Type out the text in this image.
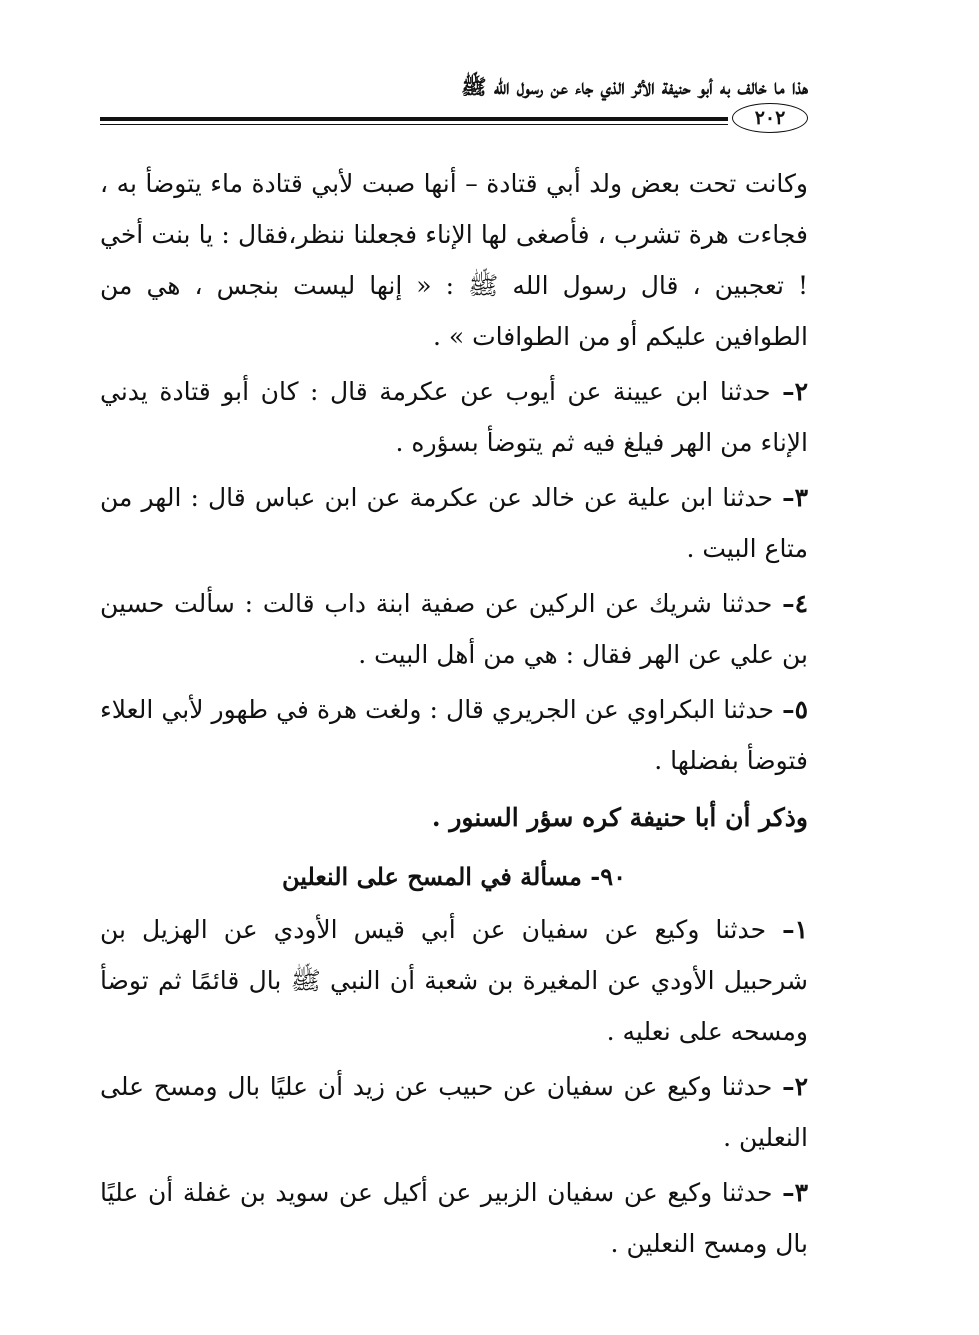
هذا ما خالف به أبو حنيفة الأثر الذي جاء عن رسول الله ﷺ
٢٠٢

وكانت تحت بعض ولد أبي قتادة – أنها صبت لأبي قتادة ماء يتوضأ به ، فجاءت هرة تشرب ، فأصغى لها الإناء فجعلنا ننظر،فقال : يا بنت أخي ! تعجبين ، قال رسول الله ﷺ : « إنها ليست بنجس ، هي من الطوافين عليكم أو من الطوافات » .

٢– حدثنا ابن عيينة عن أيوب عن عكرمة قال : كان أبو قتادة يدني الإناء من الهر فيلغ فيه ثم يتوضأ بسؤره .

٣– حدثنا ابن علية عن خالد عن عكرمة عن ابن عباس قال : الهر من متاع البيت .

٤– حدثنا شريك عن الركين عن صفية ابنة داب قالت : سألت حسين بن علي عن الهر فقال : هي من أهل البيت .

٥– حدثنا البكراوي عن الجريري قال : ولغت هرة في طهور لأبي العلاء فتوضأ بفضلها .

وذكر أن أبا حنيفة كره سؤر السنور .

٩٠- مسألة في المسح على النعلين

١– حدثنا وكيع عن سفيان عن أبي قيس الأودي عن الهزيل بن شرحبيل الأودي عن المغيرة بن شعبة أن النبي ﷺ بال قائمًا ثم توضأ ومسحه على نعليه .

٢– حدثنا وكيع عن سفيان عن حبيب عن زيد أن عليًا بال ومسح على النعلين .

٣– حدثنا وكيع عن سفيان الزبير عن أكيل عن سويد بن غفلة أن عليًا بال ومسح النعلين .
